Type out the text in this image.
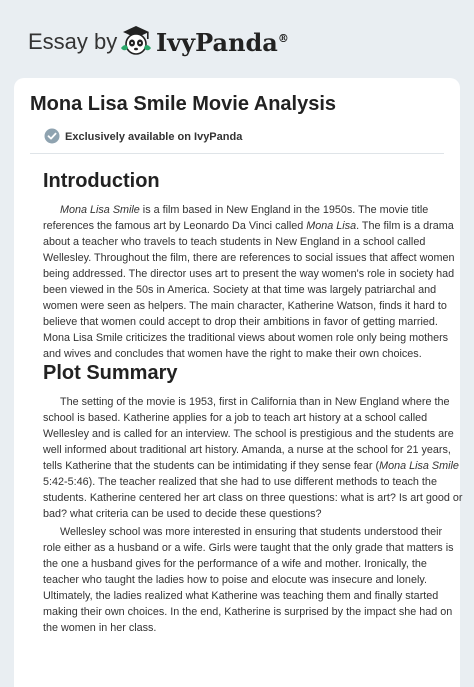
Essay by IvyPanda®
Mona Lisa Smile Movie Analysis
Exclusively available on IvyPanda
Introduction
Mona Lisa Smile is a film based in New England in the 1950s. The movie title
references the famous art by Leonardo Da Vinci called Mona Lisa. The film is a drama
about a teacher who travels to teach students in New England in a school called
Wellesley. Throughout the film, there are references to social issues that affect women
being addressed. The director uses art to present the way women's role in society had
been viewed in the 50s in America. Society at that time was largely patriarchal and
women were seen as helpers. The main character, Katherine Watson, finds it hard to
believe that women could accept to drop their ambitions in favor of getting married.
Mona Lisa Smile criticizes the traditional views about women role only being mothers
and wives and concludes that women have the right to make their own choices.
Plot Summary
The setting of the movie is 1953, first in California than in New England where the
school is based. Katherine applies for a job to teach art history at a school called
Wellesley and is called for an interview. The school is prestigious and the students are
well informed about traditional art history. Amanda, a nurse at the school for 21 years,
tells Katherine that the students can be intimidating if they sense fear (Mona Lisa Smile
5:42-5:46). The teacher realized that she had to use different methods to teach the
students. Katherine centered her art class on three questions: what is art? Is art good or
bad? what criteria can be used to decide these questions?
Wellesley school was more interested in ensuring that students understood their
role either as a husband or a wife. Girls were taught that the only grade that matters is
the one a husband gives for the performance of a wife and mother. Ironically, the
teacher who taught the ladies how to poise and elocute was insecure and lonely.
Ultimately, the ladies realized what Katherine was teaching them and finally started
making their own choices. In the end, Katherine is surprised by the impact she had on
the women in her class.
